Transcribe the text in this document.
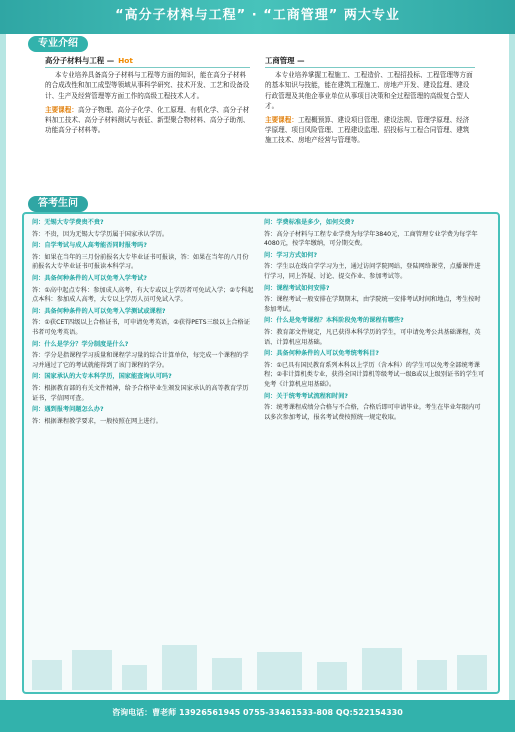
“高分子材料与工程” · “工商管理” 两大专业
专业介绍
高分子材料与工程 — Hot
本专业培养具备高分子材料与工程等方面的知识，能在高分子材料的合成改性和加工成型等领域从事科学研究、技术开发、工艺和设备设计、生产及经营管理等方面工作的高级工程技术人才。
主要课程：高分子物理、高分子化学、化工原理、有机化学、高分子材料加工技术、高分子材料测试与表征、新型聚合物材料、高分子助剂、功能高分子材料等。
工商管理 —
本专业培养掌握工程施工、工程造价、工程招投标、工程管理等方面的基本知识与技能，能在建筑工程施工、房地产开发、建设监理、建设行政管理及其他企事业单位从事项目决策和全过程管理的高级复合型人才。
主要课程：工程概预算、建设项目管理、建设法规、管理学原理、经济学原理、项目风险管理、工程建设监理、招投标与工程合同管理、建筑施工技术、房地产经营与管理等。
答考生问

问：无锡大专学费贵不贵?

答：不贵，因为无锡大专学历属于国家承认学历。

问：自学考试与成人高考能否同时报考吗?

答：如果在当年的三月份前报名大专毕业证书可报读，答：如果在当年的八月份前报名大专毕业证书可报读本科学习。

问：具备何种条件的人可以免考入学考试?

答：①高中起点专科：参加成人高考，有大专或以上学历者可免试入学；②专科起点本科：参加成人高考，大专以上学历人员可免试入学。

问：具备何种条件的人可以免考入学测试或课程?

答：①获CET四级以上合格证书，可申请免考英语，②获得PETS三级以上合格证书者可免考英语。

问：什么是学分？学分制度是什么?

答：学分是指课程学习质量和课程学习量的综合计算单位，每完成一个课程的学习并通过了它的考试就能得到了该门课程的学分。

问：国家承认的大专本科学历，国家能查询认可吗?

答：根据教育部的有关文件精神，给予合格毕业生颁发国家承认的高等教育学历证书，学信网可查。

问：遇到报考问题怎么办?

答：根据课程教学要求，一般按照在网上进行。

问：学费标准是多少，如何交费?

答：高分子材料与工程专业学费为每学年3840元，工商管理专业学费为每学年4080元，按学年缴纳，可分期交费。

问：学习方式如何?

答：学生以在线自学学习为主，通过访问学院网站，登陆网络课堂，点播课件进行学习，同上答疑、讨论、提交作业、参加考试等。

问：课程考试如何安排?

答：课程考试一般安排在学期期末，由学院统一安排考试时间和地点，考生按时参加考试。

问：什么是免考课程？本科阶段免考的课程有哪些?

答：教育部文件规定，凡已获得本科学历的学生，可申请免考公共基础课程，英语、计算机应用基础。

问：具备何种条件的人可以免考统考科目?

答：①已具有国民教育系列本科以上学历（含本科）的学生可以免考全部统考课程；②非计算机类专业，获得全国计算机等级考试一级B或以上级别证书的学生可免考《计算机应用基础》。

问：关于统考考试流程和时间?

答：统考课程成绩分合格与不合格，合格后即可申请毕业。考生在毕业年限内可以多次参加考试，报名考试费按照统一规定收取。

咨询电话：曹老师 13926561945 0755-33461533-808 QQ:522154330
